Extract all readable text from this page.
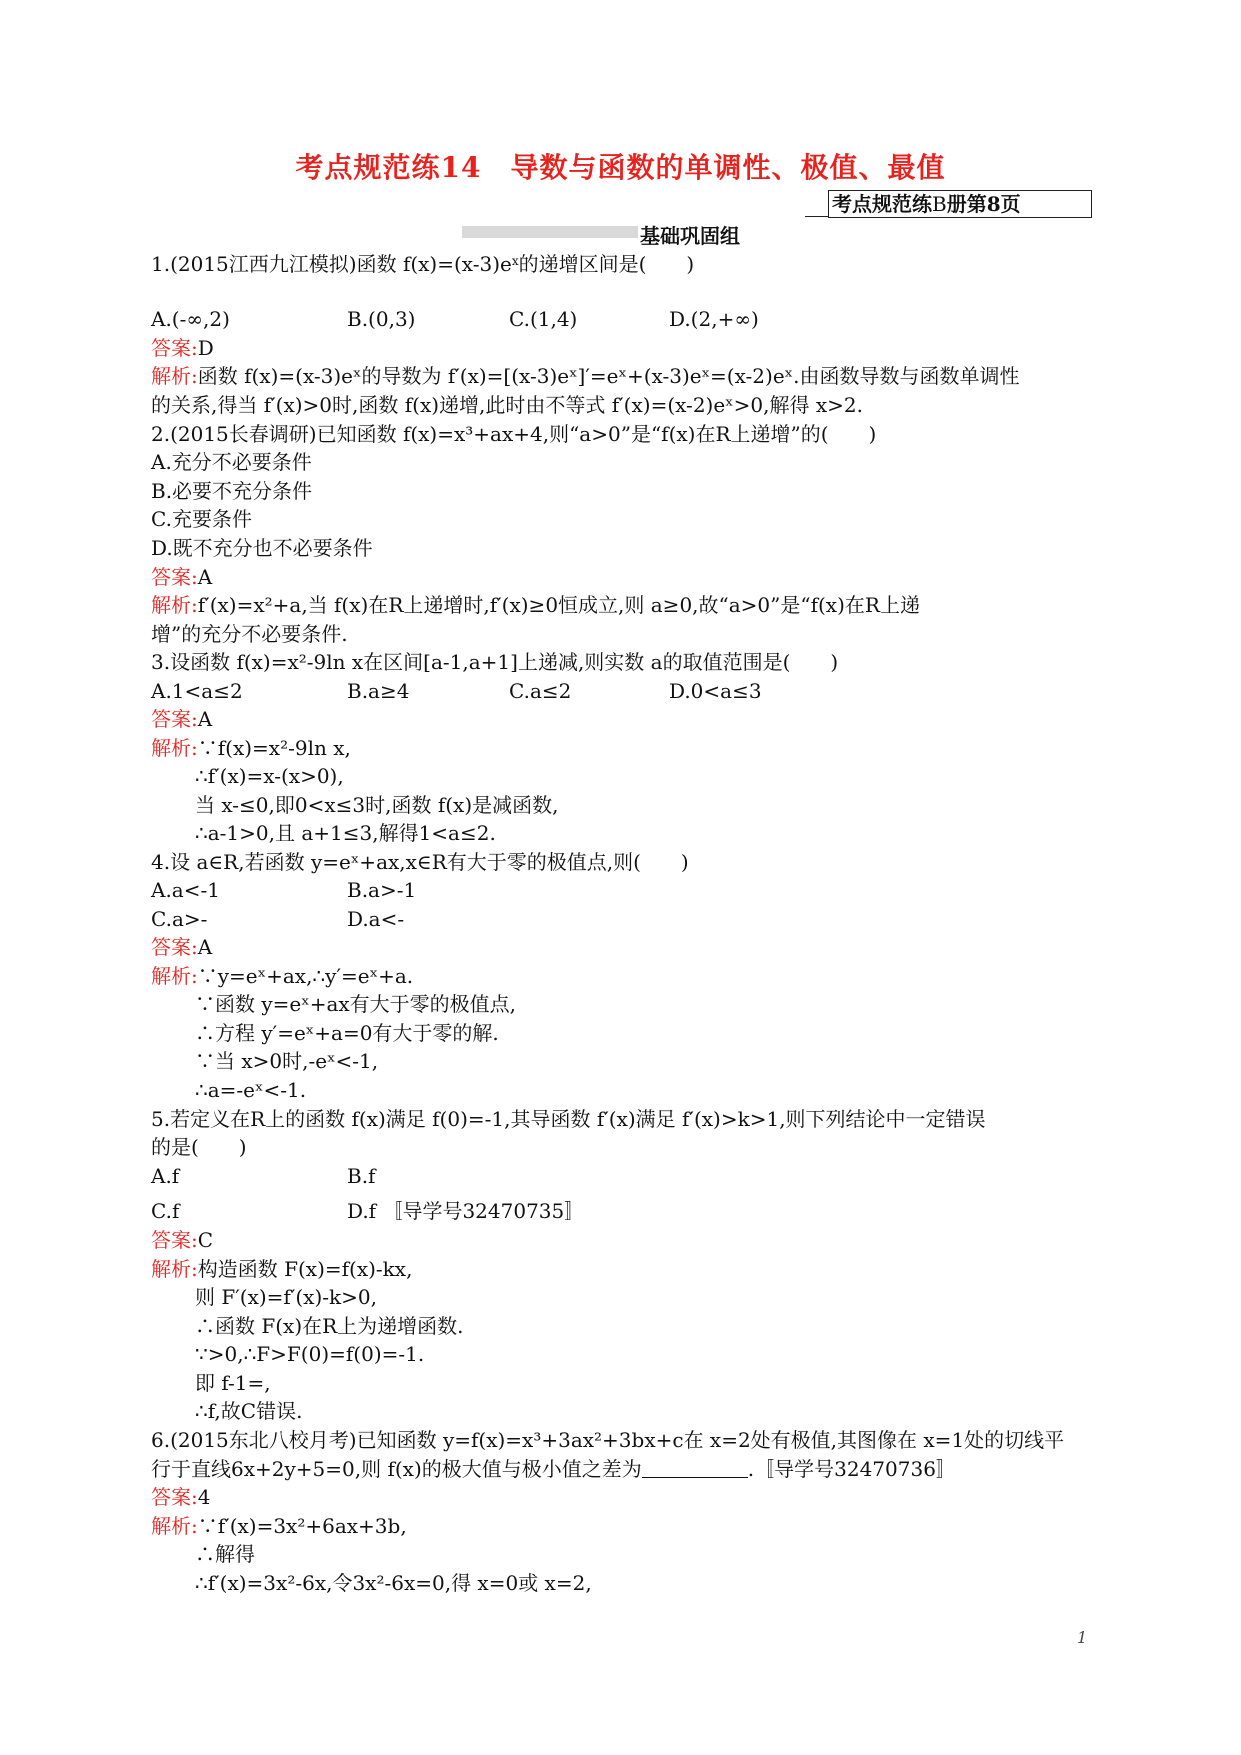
考点规范练14　导数与函数的单调性、极值、最值
考点规范练B册第8页
基础巩固组
1.(2015江西九江模拟)函数 $f(x)=(x-3)e^x$的递增区间是(　　)
A.(-∞,2)	B.(0,3)	C.(1,4)	D.(2,+∞)
答案:D
解析:函数 f(x)=(x-3)eˣ的导数为 f′(x)=[(x-3)eˣ]′=eˣ+(x-3)eˣ=(x-2)eˣ.由函数导数与函数单调性
的关系,得当 f′(x)>0时,函数 f(x)递增,此时由不等式 f′(x)=(x-2)eˣ>0,解得 x>2.
2.(2015长春调研)已知函数 f(x)=x³+ax+4,则“a>0”是“f(x)在R上递增”的(　　)
A.充分不必要条件
B.必要不充分条件
C.充要条件
D.既不充分也不必要条件
答案:A
解析:f′(x)=x²+a,当 f(x)在R上递增时,f′(x)≥0恒成立,则 a≥0,故“a>0”是“f(x)在R上递
增”的充分不必要条件.
3.设函数 f(x)=x²-9ln x在区间[a-1,a+1]上递减,则实数 a的取值范围是(　　)
A.1<a≤2	B.a≥4	C.a≤2	D.0<a≤3
答案:A
解析:∵f(x)=x²-9ln x,
∴f′(x)=x-(x>0),
当 x-≤0,即0<x≤3时,函数 f(x)是减函数,
∴a-1>0,且 a+1≤3,解得1<a≤2.
4.设 a∈R,若函数 y=eˣ+ax,x∈R有大于零的极值点,则(　　)
A.a<-1	B.a>-1
C.a>-	D.a<-
答案:A
解析:∵y=eˣ+ax,∴y′=eˣ+a.
∵函数 y=eˣ+ax有大于零的极值点,
∴方程 y′=eˣ+a=0有大于零的解.
∵当 x>0时,-eˣ<-1,
∴a=-eˣ<-1.
5.若定义在R上的函数 f(x)满足 f(0)=-1,其导函数 f′(x)满足 f′(x)>k>1,则下列结论中一定错误
的是(　　)
A.f	B.f
C.f	D.f 〚导学号32470735〛
答案:C
解析:构造函数 F(x)=f(x)-kx,
则 F′(x)=f′(x)-k>0,
∴函数 F(x)在R上为递增函数.
∵>0,∴F>F(0)=f(0)=-1.
即 f-1=,
∴f,故C错误.
6.(2015东北八校月考)已知函数 y=f(x)=x³+3ax²+3bx+c在 x=2处有极值,其图像在 x=1处的切线平
行于直线6x+2y+5=0,则 f(x)的极大值与极小值之差为	.〚导学号32470736〛
答案:4
解析:∵f′(x)=3x²+6ax+3b,
∴解得
∴f′(x)=3x²-6x,令3x²-6x=0,得 x=0或 x=2,
1
